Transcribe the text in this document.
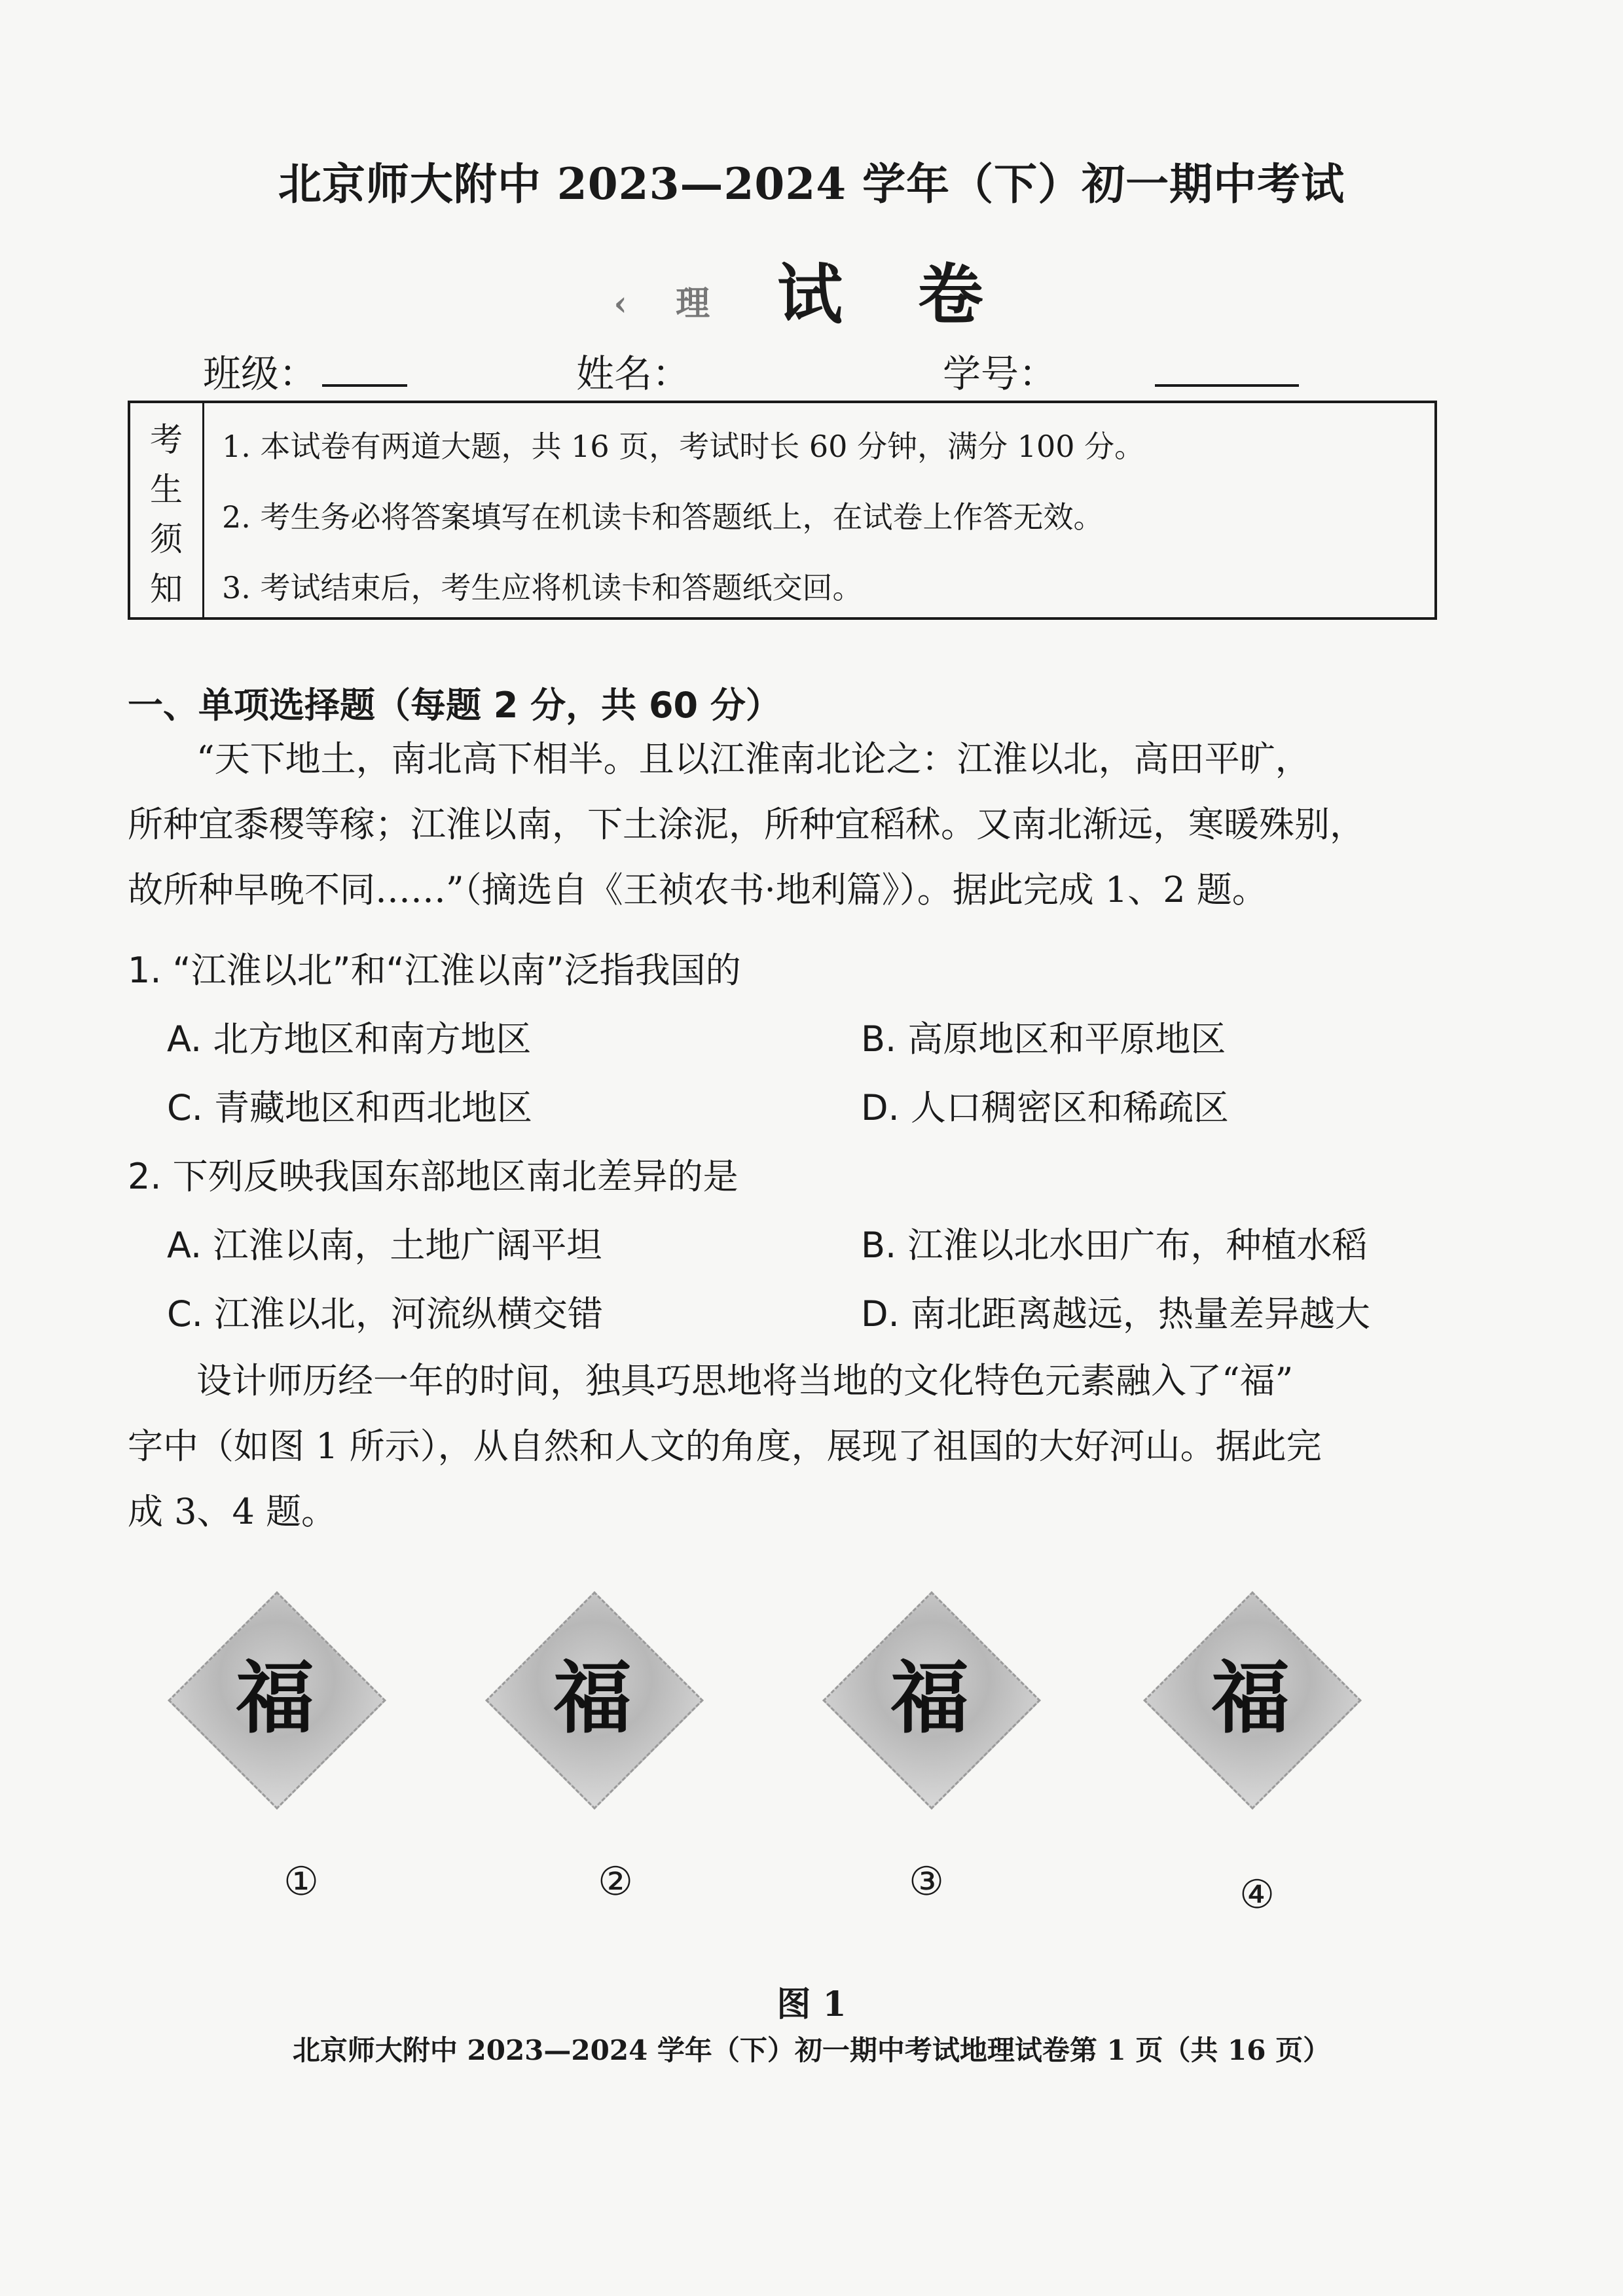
北京师大附中 2023—2024 学年（下）初一期中考试
‹ 理 试 卷
班级：	姓名：	学号：
考
生
须
知
1. 本试卷有两道大题，共 16 页，考试时长 60 分钟，满分 100 分。
2. 考生务必将答案填写在机读卡和答题纸上，在试卷上作答无效。
3. 考试结束后，考生应将机读卡和答题纸交回。
一、单项选择题（每题 2 分，共 60 分）
“天下地土，南北高下相半。且以江淮南北论之：江淮以北，高田平旷，
所种宜黍稷等稼；江淮以南，下土涂泥，所种宜稻秫。又南北渐远，寒暖殊别，
故所种早晚不同……”（摘选自《王祯农书·地利篇》）。据此完成 1、2 题。
1. “江淮以北”和“江淮以南”泛指我国的
A. 北方地区和南方地区	B. 高原地区和平原地区
C. 青藏地区和西北地区	D. 人口稠密区和稀疏区
2. 下列反映我国东部地区南北差异的是
A. 江淮以南，土地广阔平坦	B. 江淮以北水田广布，种植水稻
C. 江淮以北，河流纵横交错	D. 南北距离越远，热量差异越大
设计师历经一年的时间，独具巧思地将当地的文化特色元素融入了“福”
字中（如图 1 所示），从自然和人文的角度，展现了祖国的大好河山。据此完
成 3、4 题。
福	福	福	福
①	②	③	④
图 1
北京师大附中 2023—2024 学年（下）初一期中考试地理试卷第 1 页（共 16 页）
